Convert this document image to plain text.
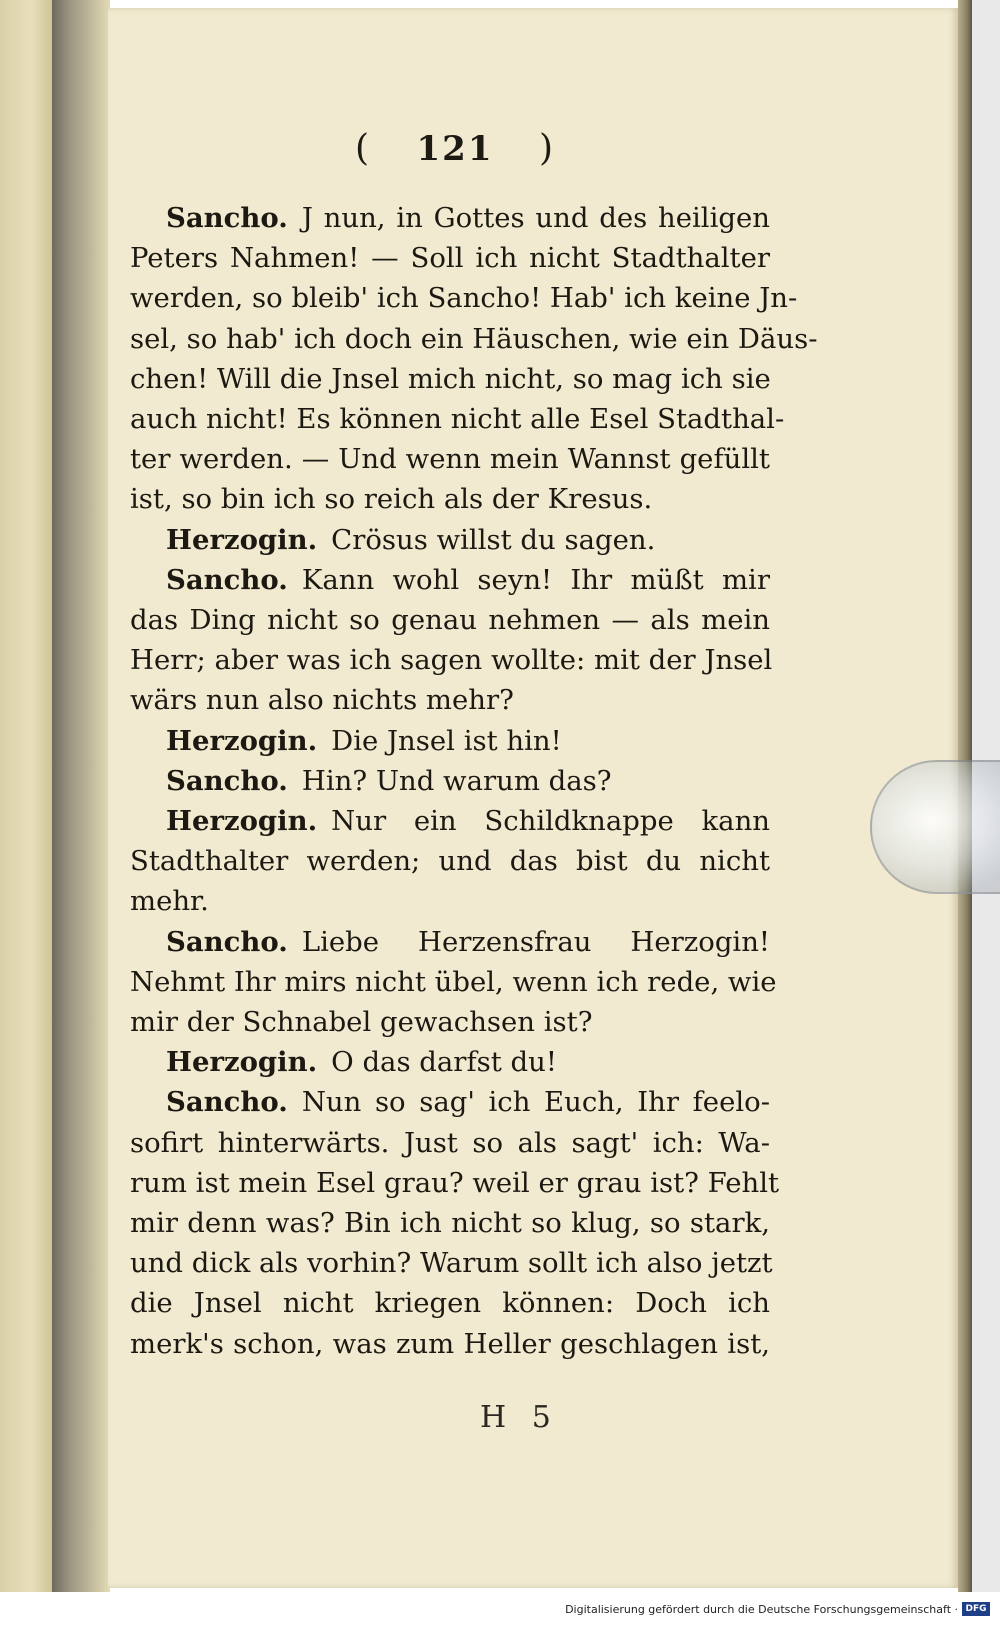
( 121 )
Sancho. J nun, in Gottes und des heiligen
Peters Nahmen! — Soll ich nicht Stadthalter
werden, so bleib' ich Sancho! Hab' ich keine Jn-
sel, so hab' ich doch ein Häuschen, wie ein Däus-
chen! Will die Jnsel mich nicht, so mag ich sie
auch nicht! Es können nicht alle Esel Stadthal-
ter werden. — Und wenn mein Wannst gefüllt
ist, so bin ich so reich als der Kresus.
Herzogin. Crösus willst du sagen.
Sancho. Kann wohl seyn! Ihr müßt mir
das Ding nicht so genau nehmen — als mein
Herr; aber was ich sagen wollte: mit der Jnsel
wärs nun also nichts mehr?
Herzogin. Die Jnsel ist hin!
Sancho. Hin? Und warum das?
Herzogin. Nur ein Schildknappe kann
Stadthalter werden; und das bist du nicht
mehr.
Sancho. Liebe Herzensfrau Herzogin!
Nehmt Ihr mirs nicht übel, wenn ich rede, wie
mir der Schnabel gewachsen ist?
Herzogin. O das darfst du!
Sancho. Nun so sag' ich Euch, Ihr feelo-
sofirt hinterwärts. Just so als sagt' ich: Wa-
rum ist mein Esel grau? weil er grau ist? Fehlt
mir denn was? Bin ich nicht so klug, so stark,
und dick als vorhin? Warum sollt ich also jetzt
die Jnsel nicht kriegen können: Doch ich
merk's schon, was zum Heller geschlagen ist,
H 5
Digitalisierung gefördert durch die Deutsche Forschungsgemeinschaft · DFG
